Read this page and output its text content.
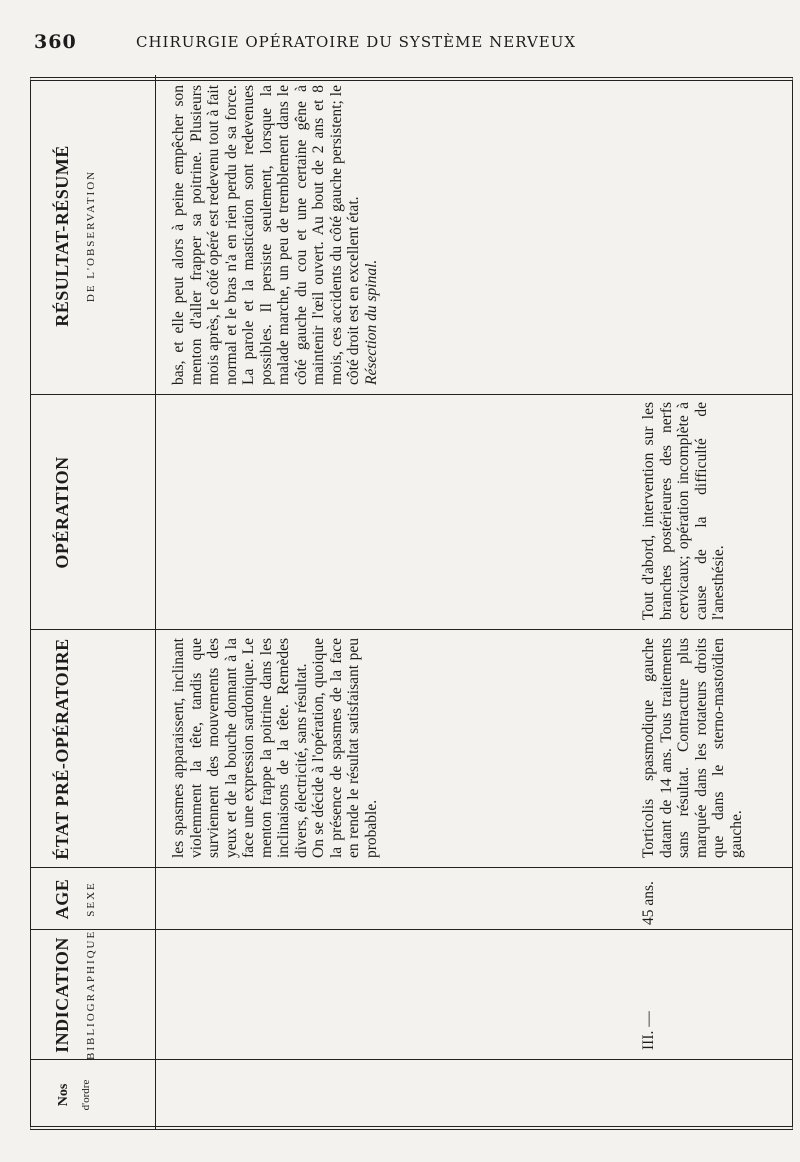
360	CHIRURGIE OPÉRATOIRE DU SYSTÈME NERVEUX
Nos d'ordre
INDICATION BIBLIOGRAPHIQUE
AGE SEXE
ÉTAT PRÉ-OPÉRATOIRE
OPÉRATION
RÉSULTAT-RÉSUMÉ DE L'OBSERVATION

les spasmes apparaissent, inclinant violemment la tête, tandis que surviennent des mouvements des yeux et de la bouche donnant à la face une expression sardonique. Le menton frappe la poitrine dans les inclinaisons de la tête. Remèdes divers, électricité, sans résultat. On se décide à l'opération, quoique la présence de spasmes de la face en rende le résultat satisfaisant peu probable.

bas, et elle peut alors à peine empêcher son menton d'aller frapper sa poitrine. Plusieurs mois après, le côté opéré est redevenu tout à fait normal et le bras n'a en rien perdu de sa force. La parole et la mastication sont redevenues possibles. Il persiste seulement, lorsque la malade marche, un peu de tremblement dans le côté gauche du cou et une certaine gêne à maintenir l'œil ouvert. Au bout de 2 ans et 8 mois, ces accidents du côté gauche persistent; le côté droit est en excellent état. Résection du spinal.

III. —
45 ans.
Torticolis spasmodique gauche datant de 14 ans. Tous traitements sans résultat. Contracture plus marquée dans les rotateurs droits que dans le sterno-mastoïdien gauche.
Tout d'abord, intervention sur les branches postérieures des nerfs cervicaux; opération incomplète à cause de la difficulté de l'anesthésie.
